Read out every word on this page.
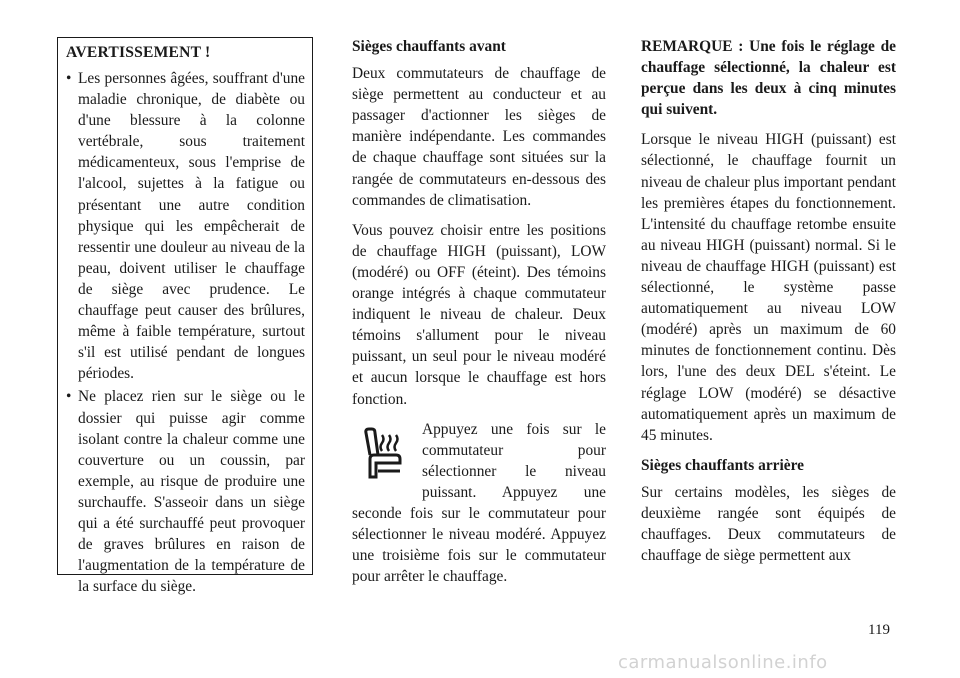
AVERTISSEMENT !
• Les personnes âgées, souffrant d'une maladie chronique, de diabète ou d'une blessure à la colonne vertébrale, sous traitement médicamenteux, sous l'emprise de l'alcool, sujettes à la fatigue ou présentant une autre condition physique qui les empêcherait de ressentir une douleur au niveau de la peau, doivent utiliser le chauffage de siège avec prudence. Le chauffage peut causer des brûlures, même à faible température, surtout s'il est utilisé pendant de longues périodes.
• Ne placez rien sur le siège ou le dossier qui puisse agir comme isolant contre la chaleur comme une couverture ou un coussin, par exemple, au risque de produire une surchauffe. S'asseoir dans un siège qui a été surchauffé peut provoquer de graves brûlures en raison de l'augmentation de la température de la surface du siège.
Sièges chauffants avant

Deux commutateurs de chauffage de siège permettent au conducteur et au passager d'actionner les sièges de manière indépendante. Les commandes de chaque chauffage sont situées sur la rangée de commutateurs en-dessous des commandes de climatisation.

Vous pouvez choisir entre les positions de chauffage HIGH (puissant), LOW (modéré) ou OFF (éteint). Des témoins orange intégrés à chaque commutateur indiquent le niveau de chaleur. Deux témoins s'allument pour le niveau puissant, un seul pour le niveau modéré et aucun lorsque le chauffage est hors fonction.

Appuyez une fois sur le commutateur pour sélectionner le niveau puissant. Appuyez une seconde fois sur le commutateur pour sélectionner le niveau modéré. Appuyez une troisième fois sur le commutateur pour arrêter le chauffage.

REMARQUE : Une fois le réglage de chauffage sélectionné, la chaleur est perçue dans les deux à cinq minutes qui suivent.

Lorsque le niveau HIGH (puissant) est sélectionné, le chauffage fournit un niveau de chaleur plus important pendant les premières étapes du fonctionnement. L'intensité du chauffage retombe ensuite au niveau HIGH (puissant) normal. Si le niveau de chauffage HIGH (puissant) est sélectionné, le système passe automatiquement au niveau LOW (modéré) après un maximum de 60 minutes de fonctionnement continu. Dès lors, l'une des deux DEL s'éteint. Le réglage LOW (modéré) se désactive automatiquement après un maximum de 45 minutes.

Sièges chauffants arrière

Sur certains modèles, les sièges de deuxième rangée sont équipés de chauffages. Deux commutateurs de chauffage de siège permettent aux

119
carmanualsonline.info
